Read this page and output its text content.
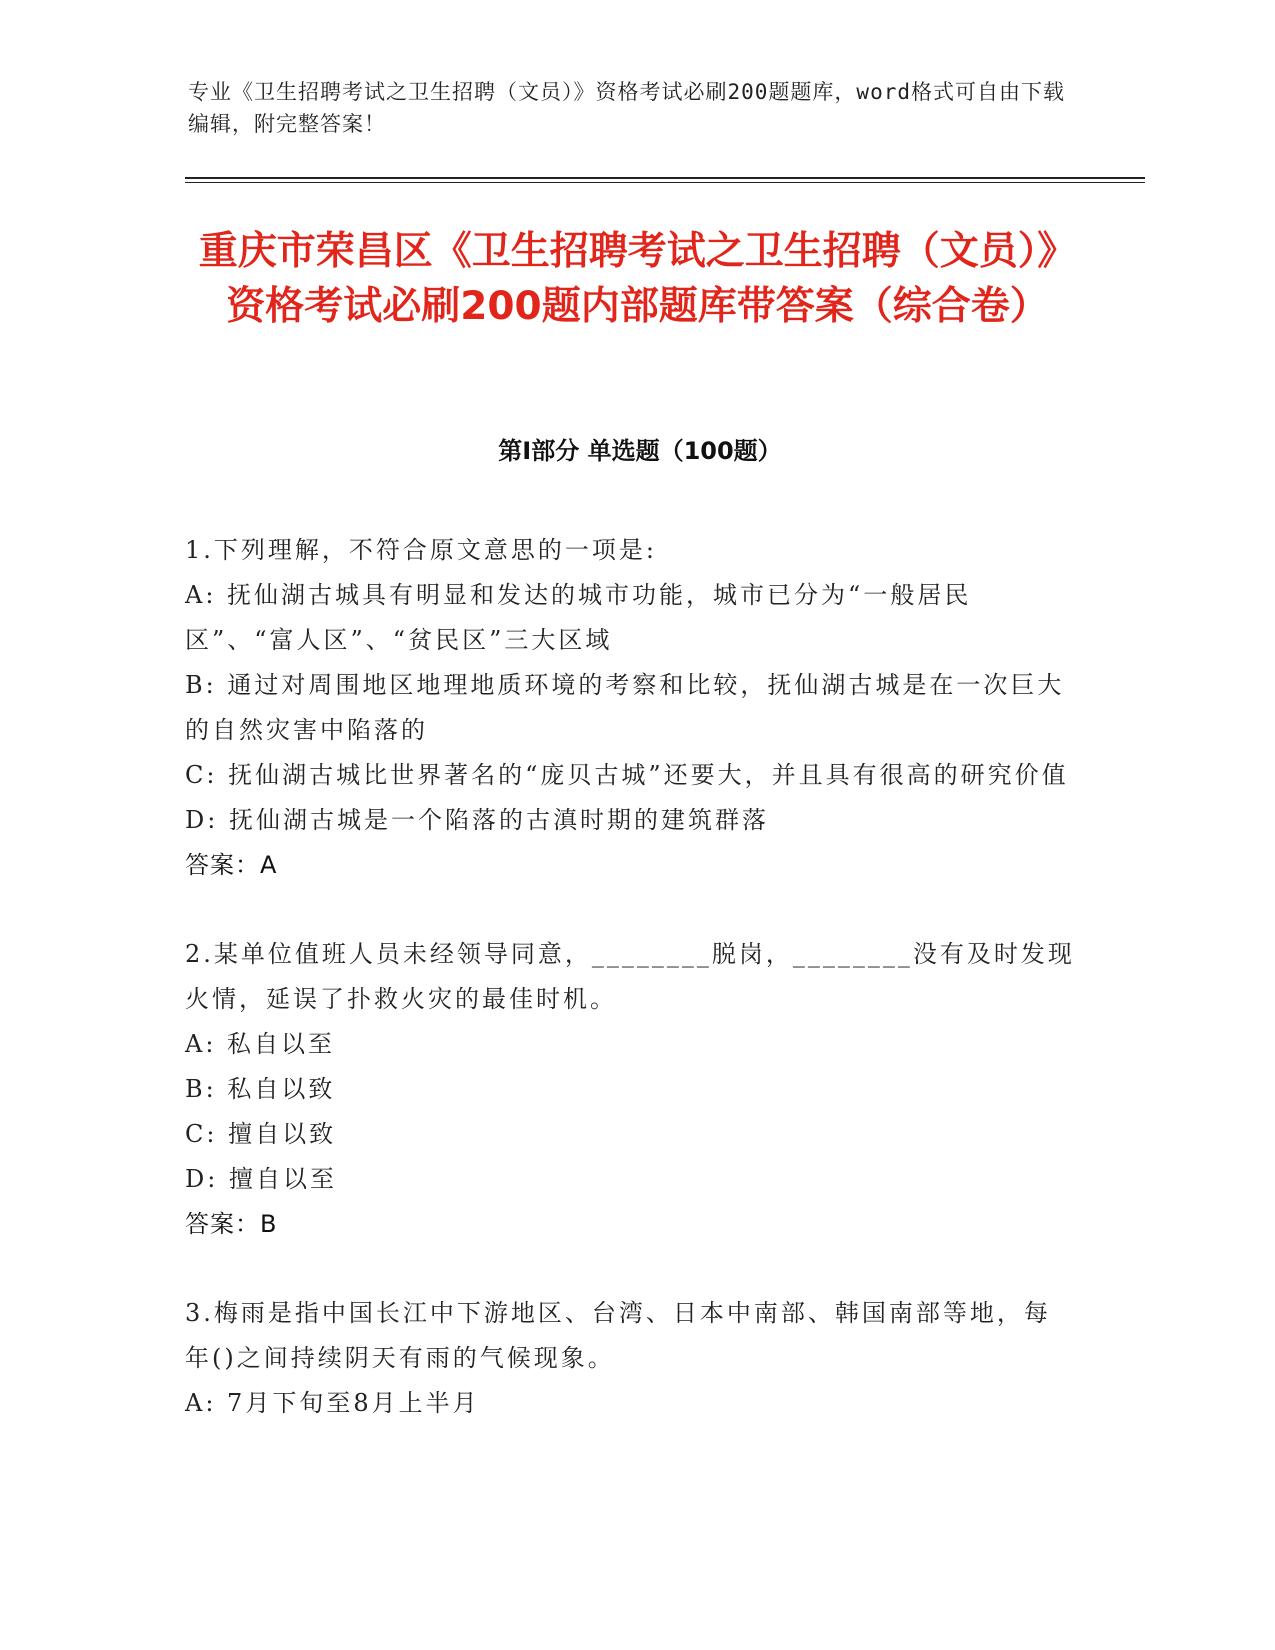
专业《卫生招聘考试之卫生招聘（文员）》资格考试必刷200题题库，word格式可自由下载编辑，附完整答案！
重庆市荣昌区《卫生招聘考试之卫生招聘（文员）》资格考试必刷200题内部题库带答案（综合卷）
第I部分 单选题（100题）
1.下列理解，不符合原文意思的一项是:
A: 抚仙湖古城具有明显和发达的城市功能，城市已分为“一般居民区”、“富人区”、“贫民区”三大区域
B: 通过对周围地区地理地质环境的考察和比较，抚仙湖古城是在一次巨大的自然灾害中陷落的
C: 抚仙湖古城比世界著名的“庞贝古城”还要大，并且具有很高的研究价值
D: 抚仙湖古城是一个陷落的古滇时期的建筑群落
答案：A
2.某单位值班人员未经领导同意，________脱岗，________没有及时发现火情，延误了扑救火灾的最佳时机。
A: 私自以至
B: 私自以致
C: 擅自以致
D: 擅自以至
答案：B
3.梅雨是指中国长江中下游地区、台湾、日本中南部、韩国南部等地，每年()之间持续阴天有雨的气候现象。
A: 7月下旬至8月上半月
